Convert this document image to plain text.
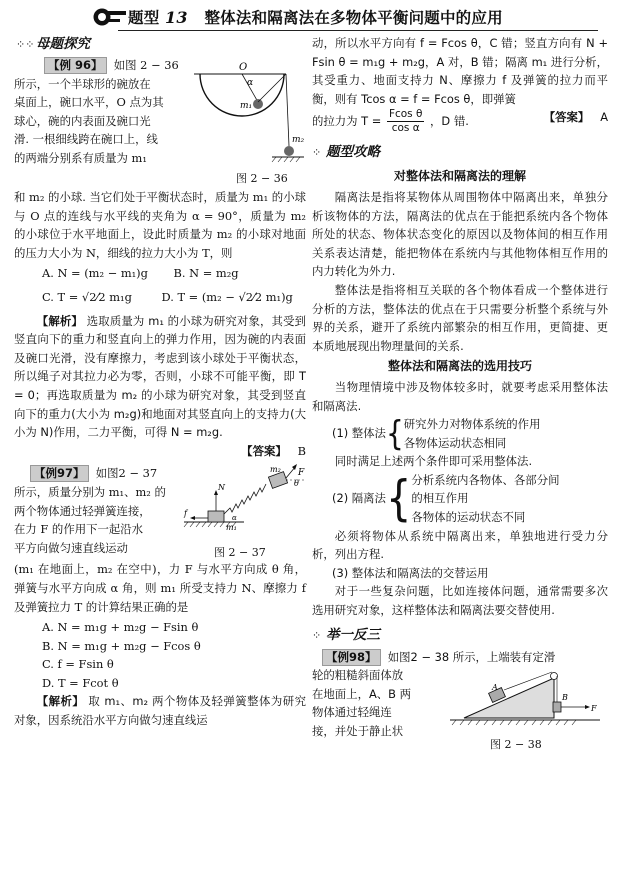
题型 13 整体法和隔离法在多物体平衡问题中的应用
⁘⁘ 母题探究

【例 96】 如图 2 − 36

所示，一个半球形的碗放在

桌面上，碗口水平，O 点为其

球心，碗的内表面及碗口光

滑. 一根细线跨在碗口上，线

的两端分别系有质量为 m₁

O
α
m₁
m₂
图 2 − 36

和 m₂ 的小球. 当它们处于平衡状态时，质量为 m₁ 的小球与 O 点的连线与水平线的夹角为 α = 90°，质量为 m₂ 的小球位于水平地面上，设此时质量为 m₂ 的小球对地面的压力大小为 N，细线的拉力大小为 T，则

A. N = (m₂ − m₁)g B. N = m₂g

C. T = √2⁄2 m₁g	D. T = (m₂ − √2⁄2 m₁)g

【解析】 选取质量为 m₁ 的小球为研究对象，其受到竖直向下的重力和竖直向上的弹力作用，因为碗的内表面及碗口光滑，没有摩擦力，考虑到该小球处于平衡状态，所以绳子对其拉力必为零，否则，小球不可能平衡，即 T = 0；再选取质量为 m₂ 的小球为研究对象，其受到竖直向下的重力(大小为 m₂g)和地面对其竖直向上的支持力(大小为 N)作用，二力平衡，可得 N = m₂g.

【答案】 B

【例97】 如图2 − 37

所示，质量分别为 m₁、m₂ 的

两个物体通过轻弹簧连接，

在力 F 的作用下一起沿水

平方向做匀速直线运动

F
θ
m₂
m₁
N
f	α
图 2 − 37

(m₁ 在地面上，m₂ 在空中)，力 F 与水平方向成 θ 角，弹簧与水平方向成 α 角，则 m₁ 所受支持力 N、摩擦力 f 及弹簧拉力 T 的计算结果正确的是

A. N = m₁g + m₂g − Fsin θ

B. N = m₁g + m₂g − Fcos θ

C. f = Fsin θ

D. T = Fcot θ

【解析】 取 m₁、m₂ 两个物体及轻弹簧整体为研究对象，因系统沿水平方向做匀速直线运

动，所以水平方向有 f = Fcos θ，C 错；竖直方向有 N + Fsin θ = m₁g + m₂g，A 对，B 错；隔离 m₁ 进行分析，其受重力、地面支持力 N、摩擦力 f 及弹簧的拉力而平衡，则有 Tcos α = f = Fcos θ，即弹簧

的拉力为 $T = \frac{\text{Fcos θ}}{\text{cos α}}$ ，D 错.	【答案】 A

⁘ 题型攻略

对整体法和隔离法的理解

隔离法是指将某物体从周围物体中隔离出来，单独分析该物体的方法，隔离法的优点在于能把系统内各个物体所处的状态、物体状态变化的原因以及物体间的相互作用关系表达清楚，能把物体在系统内与其他物体相互作用的内力转化为外力.

整体法是指将相互关联的各个物体看成一个整体进行分析的方法，整体法的优点在于只需要分析整个系统与外界的关系，避开了系统内部繁杂的相互作用，更简捷、更本质地展现出物理量间的关系.

整体法和隔离法的选用技巧

当物理情境中涉及物体较多时，就要考虑采用整体法和隔离法.

(1) 整体法 { 研究外力对物体系统的作用
各物体运动状态相同

同时满足上述两个条件即可采用整体法.

(2) 隔离法 { 分析系统内各物体、各部分间
的相互作用
各物体的运动状态不同

必须将物体从系统中隔离出来，单独地进行受力分析，列出方程.

(3) 整体法和隔离法的交替运用

对于一些复杂问题，比如连接体问题，通常需要多次选用研究对象，这样整体法和隔离法要交替使用.

⁘ 举一反三

【例98】 如图2 − 38 所示，上端装有定滑

轮的粗糙斜面体放

在地面上，A、B 两

物体通过轻绳连

接，并处于静止状

A
B
F
图 2 − 38
